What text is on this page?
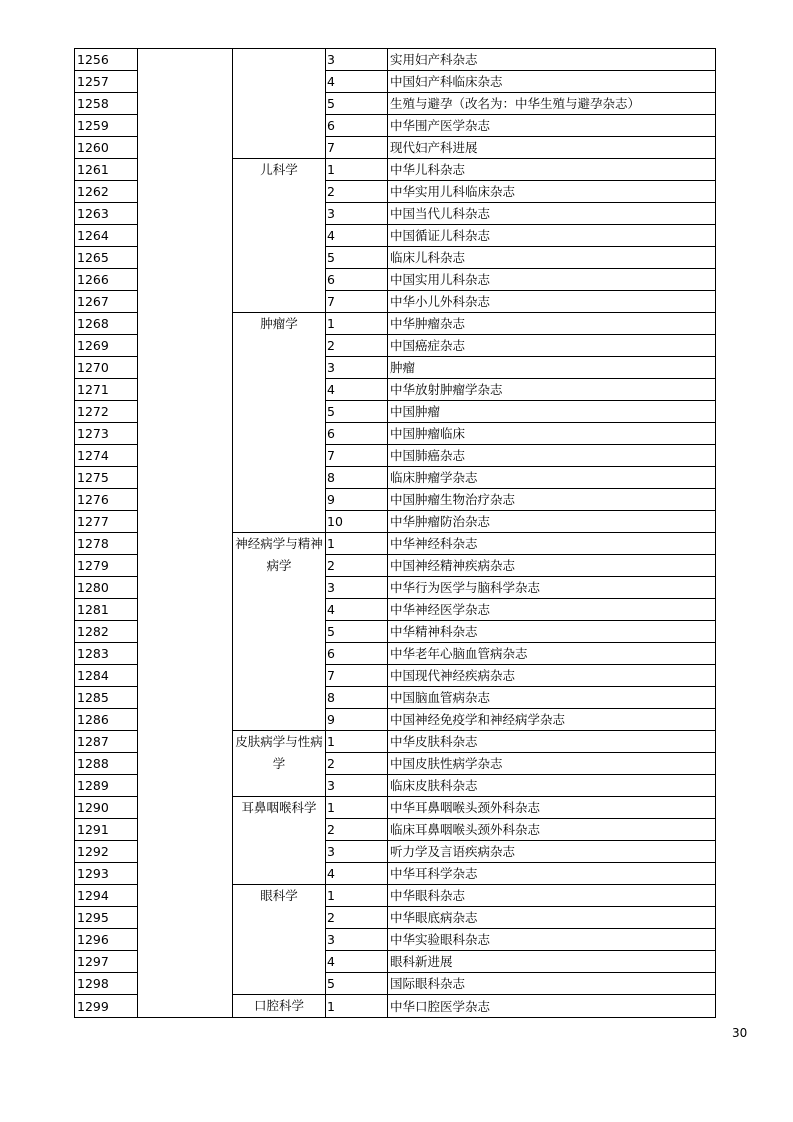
1256			3	实用妇产科杂志
1257			4	中国妇产科临床杂志
1258			5	生殖与避孕（改名为：中华生殖与避孕杂志）
1259			6	中华围产医学杂志
1260			7	现代妇产科进展
1261		儿科学	1	中华儿科杂志
1262			2	中华实用儿科临床杂志
1263			3	中国当代儿科杂志
1264			4	中国循证儿科杂志
1265			5	临床儿科杂志
1266			6	中国实用儿科杂志
1267			7	中华小儿外科杂志
1268		肿瘤学	1	中华肿瘤杂志
1269			2	中国癌症杂志
1270			3	肿瘤
1271			4	中华放射肿瘤学杂志
1272			5	中国肿瘤
1273			6	中国肿瘤临床
1274			7	中国肺癌杂志
1275			8	临床肿瘤学杂志
1276			9	中国肿瘤生物治疗杂志
1277			10	中华肿瘤防治杂志
1278		神经病学与精神病学	1	中华神经科杂志
1279			2	中国神经精神疾病杂志
1280			3	中华行为医学与脑科学杂志
1281			4	中华神经医学杂志
1282			5	中华精神科杂志
1283			6	中华老年心脑血管病杂志
1284			7	中国现代神经疾病杂志
1285			8	中国脑血管病杂志
1286			9	中国神经免疫学和神经病学杂志
1287		皮肤病学与性病学	1	中华皮肤科杂志
1288			2	中国皮肤性病学杂志
1289			3	临床皮肤科杂志
1290		耳鼻咽喉科学	1	中华耳鼻咽喉头颈外科杂志
1291			2	临床耳鼻咽喉头颈外科杂志
1292			3	听力学及言语疾病杂志
1293			4	中华耳科学杂志
1294		眼科学	1	中华眼科杂志
1295			2	中华眼底病杂志
1296			3	中华实验眼科杂志
1297			4	眼科新进展
1298			5	国际眼科杂志
1299		口腔科学	1	中华口腔医学杂志
30
